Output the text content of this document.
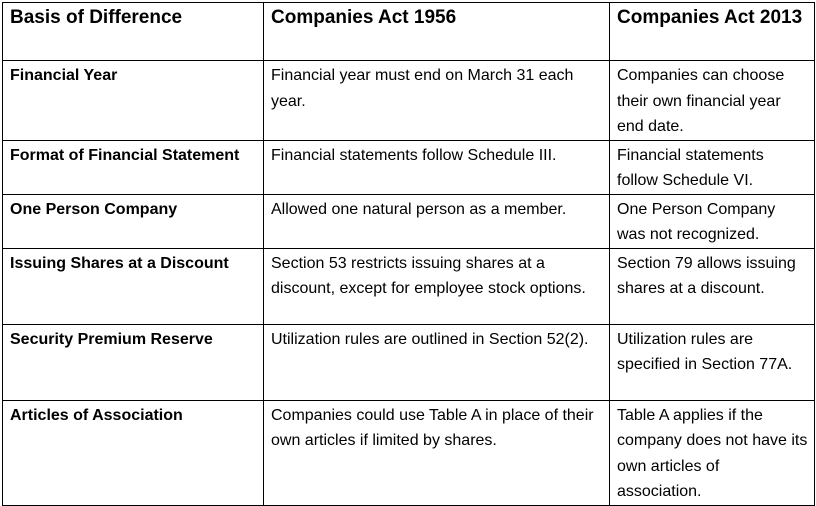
Basis of Difference	Companies Act 1956	Companies Act 2013
Financial Year	Financial year must end on March 31 each year.	Companies can choose their own financial year end date.
Format of Financial Statement	Financial statements follow Schedule III.	Financial statements follow Schedule VI.
One Person Company	Allowed one natural person as a member.	One Person Company was not recognized.
Issuing Shares at a Discount	Section 53 restricts issuing shares at a discount, except for employee stock options.	Section 79 allows issuing shares at a discount.
Security Premium Reserve	Utilization rules are outlined in Section 52(2).	Utilization rules are specified in Section 77A.
Articles of Association	Companies could use Table A in place of their own articles if limited by shares.	Table A applies if the company does not have its own articles of association.
